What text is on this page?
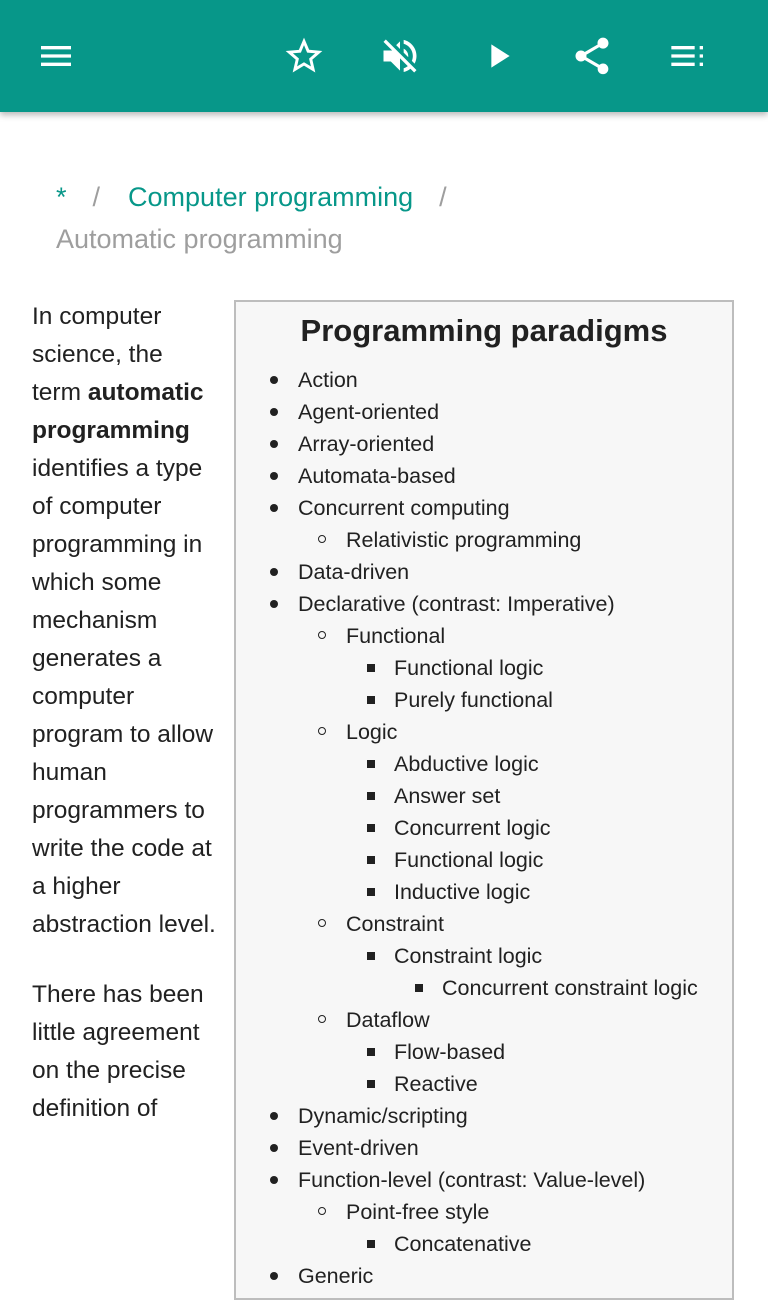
* / Computer programming /
Automatic programming

In computer science, the term automatic programming identifies a type of computer programming in which some mechanism generates a computer program to allow human programmers to write the code at a higher abstraction level.

There has been little agreement on the precise definition of

Programming paradigms
Action
Agent-oriented
Array-oriented
Automata-based
Concurrent computing
Relativistic programming
Data-driven
Declarative (contrast: Imperative)
Functional
Functional logic
Purely functional
Logic
Abductive logic
Answer set
Concurrent logic
Functional logic
Inductive logic
Constraint
Constraint logic
Concurrent constraint logic
Dataflow
Flow-based
Reactive
Dynamic/scripting
Event-driven
Function-level (contrast: Value-level)
Point-free style
Concatenative
Generic
